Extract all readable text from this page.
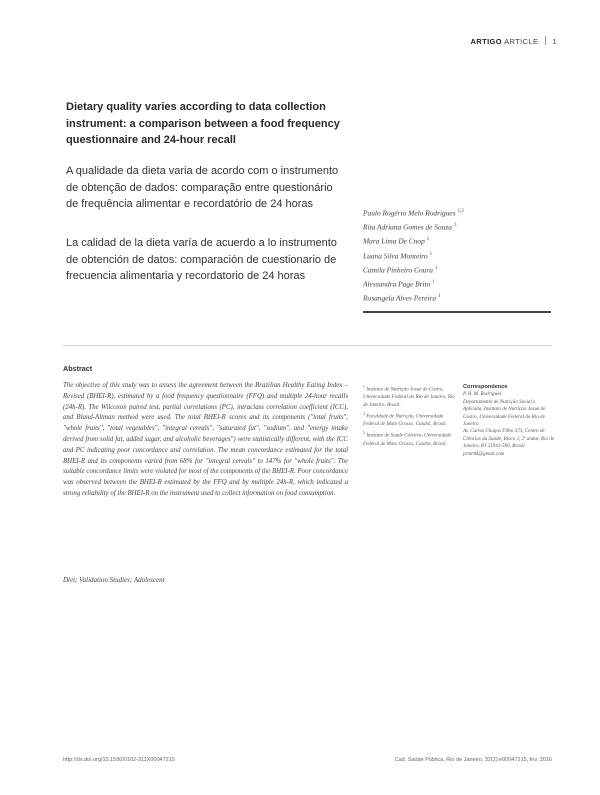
ARTIGO ARTICLE 1
Dietary quality varies according to data collection instrument: a comparison between a food frequency questionnaire and 24-hour recall
A qualidade da dieta varia de acordo com o instrumento de obtenção de dados: comparação entre questionário de frequência alimentar e recordatório de 24 horas
La calidad de la dieta varía de acuerdo a lo instrumento de obtención de datos: comparación de cuestionario de frecuencia alimentaria y recordatorio de 24 horas
Paulo Rogério Melo Rodrigues $^{1,2}$
Rita Adriana Gomes de Souza $^3$
Mara Lima De Cnop $^1$
Luana Silva Monteiro $^1$
Camila Pinheiro Coura $^1$
Alessandra Page Brito $^1$
Rosangela Alves Pereira $^1$
Abstract
The objective of this study was to assess the agreement between the Brazilian Healthy Eating Index –Revised (BHEI-R), estimated by a food frequency questionnaire (FFQ) and multiple 24-hour recalls (24h-R). The Wilcoxon paired test, partial correlations (PC), intraclass correlation coefficient (ICC), and Bland-Altman method were used. The total BHEI-R scores and its components ("total fruits", "whole fruits", "total vegetables", "integral cereals", "saturated fat", "sodium", and "energy intake derived from solid fat, added sugar, and alcoholic beverages") were statistically different, with the ICC and PC indicating poor concordance and correlation. The mean concordance estimated for the total BHEI-R and its components varied from 68% for "integral cereals" to 147% for "whole fruits". The suitable concordance limits were violated for most of the components of the BHEI-R. Poor concordance was observed between the BHEI-R estimated by the FFQ and by multiple 24h-R, which indicated a strong reliability of the BHEI-R on the instrument used to collect information on food consumption.
Diet; Validation Studies; Adolescent

$^1$ Instituto de Nutrição Josué de Castro, Universidade Federal do Rio de Janeiro, Rio de Janeiro, Brasil.

$^2$ Faculdade de Nutrição, Universidade Federal de Mato Grosso, Cuiabá, Brasil.

$^3$ Instituto de Saúde Coletiva, Universidade Federal de Mato Grosso, Cuiabá, Brasil.

Correspondence
P. R. M. Rodrigues
Departamento de Nutrição Social e Aplicada, Instituto de Nutrição Josué de Castro, Universidade Federal do Rio de Janeiro.
Av. Carlos Chagas Filho 373, Centro de Ciências da Saúde, Bloco J, 2º andar, Rio de Janeiro, RJ 21941-590, Brasil.
prmr84@gmail.com
http://dx.doi.org/10.1590/0102-311X00047215	Cad. Saúde Pública, Rio de Janeiro, 32(2):e00047215, fev, 2016
